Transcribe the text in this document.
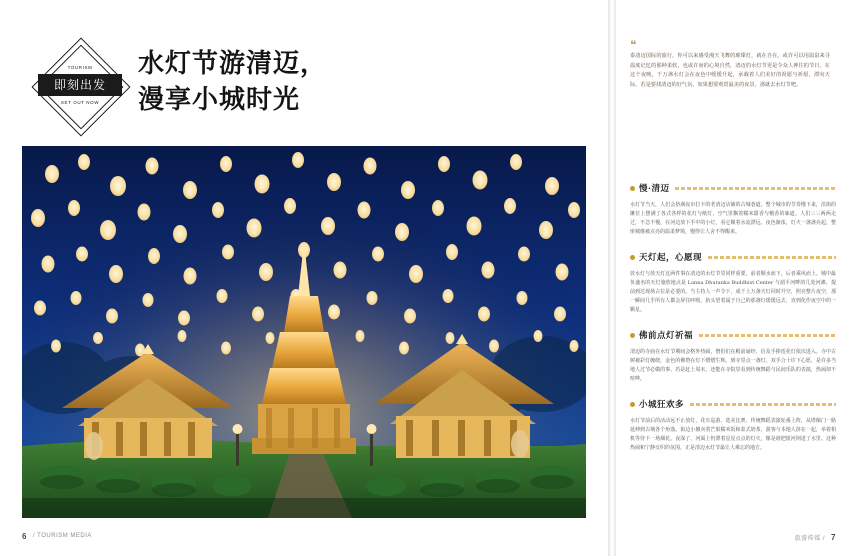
TOURISM
即刻出发
SET OUT NOW
水灯节游清迈，
漫享小城时光
6 / TOURISM MEDIA
❝
泰清迈国际的旅行，你可以来感受漫天飞舞的璀璨灯，就在自在。或许可以用温泉来寻温度记忆的那种柔软，也或许而的心境自然，清迈的水灯节更是令众人神往的节日。在这个夜晚，千万盏水灯会在夜色中缓缓升起，承载着人们美好的祝愿与祈愿，漂向天际。若是要找清迈的好气氛，如果想要观赏最美的夜景，那就去水灯节吧。
慢·清迈
水灯节当天，人们会挤满夜市打卡的老清迈店铺的古城巷道。整个城市的节奏慢下来，沿街的摊位上摆满了各式各样的花灯与纸灯，空气里飘着糯米甜香与檀香的味道。人们三三两两走过，不急不慢，在河边放下手中的小灯，看它顺着水流漂远。夜色渐浓，灯火一盏盏亮起，整座城像被点亮的温柔梦境，慢得让人舍不得醒来。
天灯起，心愿现
放水灯与放天灯这两件事在清迈的水灯节里同样重要，前者顺水而下，后者乘风而上。城中最负盛名的天灯施放地点是 Lanna Dhutanka Buddhist Center 与湄平河畔的几处河滩，提前到达现场占位是必要的。当主持人一声令下，成千上万盏天灯同时升空，照亮整片夜空，那一瞬间几乎所有人都会屏住呼吸，抬头望着属于自己的那盏灯缓缓远去，直到化作夜空中的一颗星。
佛前点灯祈福
清迈的寺庙在水灯节期间会格外热闹，僧侣们在殿前诵经，信众手捧莲花灯依次进入。寺中古树被彩灯缠绕，金色的佛塔在灯下熠熠生辉。到寺里点一盏灯，双手合十许下心愿，是许多当地人过节必做的事。若是赶上周末，还能在寺院里看到传统舞蹈与民间乐队的表演，热闹却不喧哗。
小城狂欢多
水灯节前后的活动远不止放灯，花车巡游、选美比赛、传统舞蹈表演轮番上阵，从塔佩门一路延伸到古城各个角落。街边小摊卖着芒果糯米饭和泰式奶茶，游客与本地人挤在一起，举着相机等待下一场烟花。夜深了，河面上仍漂着星星点点的灯火，像是谁把银河倒进了水里。这种热闹和宁静交织的氛围，正是清迈水灯节最让人难忘的地方。
旅游传媒 / 7
